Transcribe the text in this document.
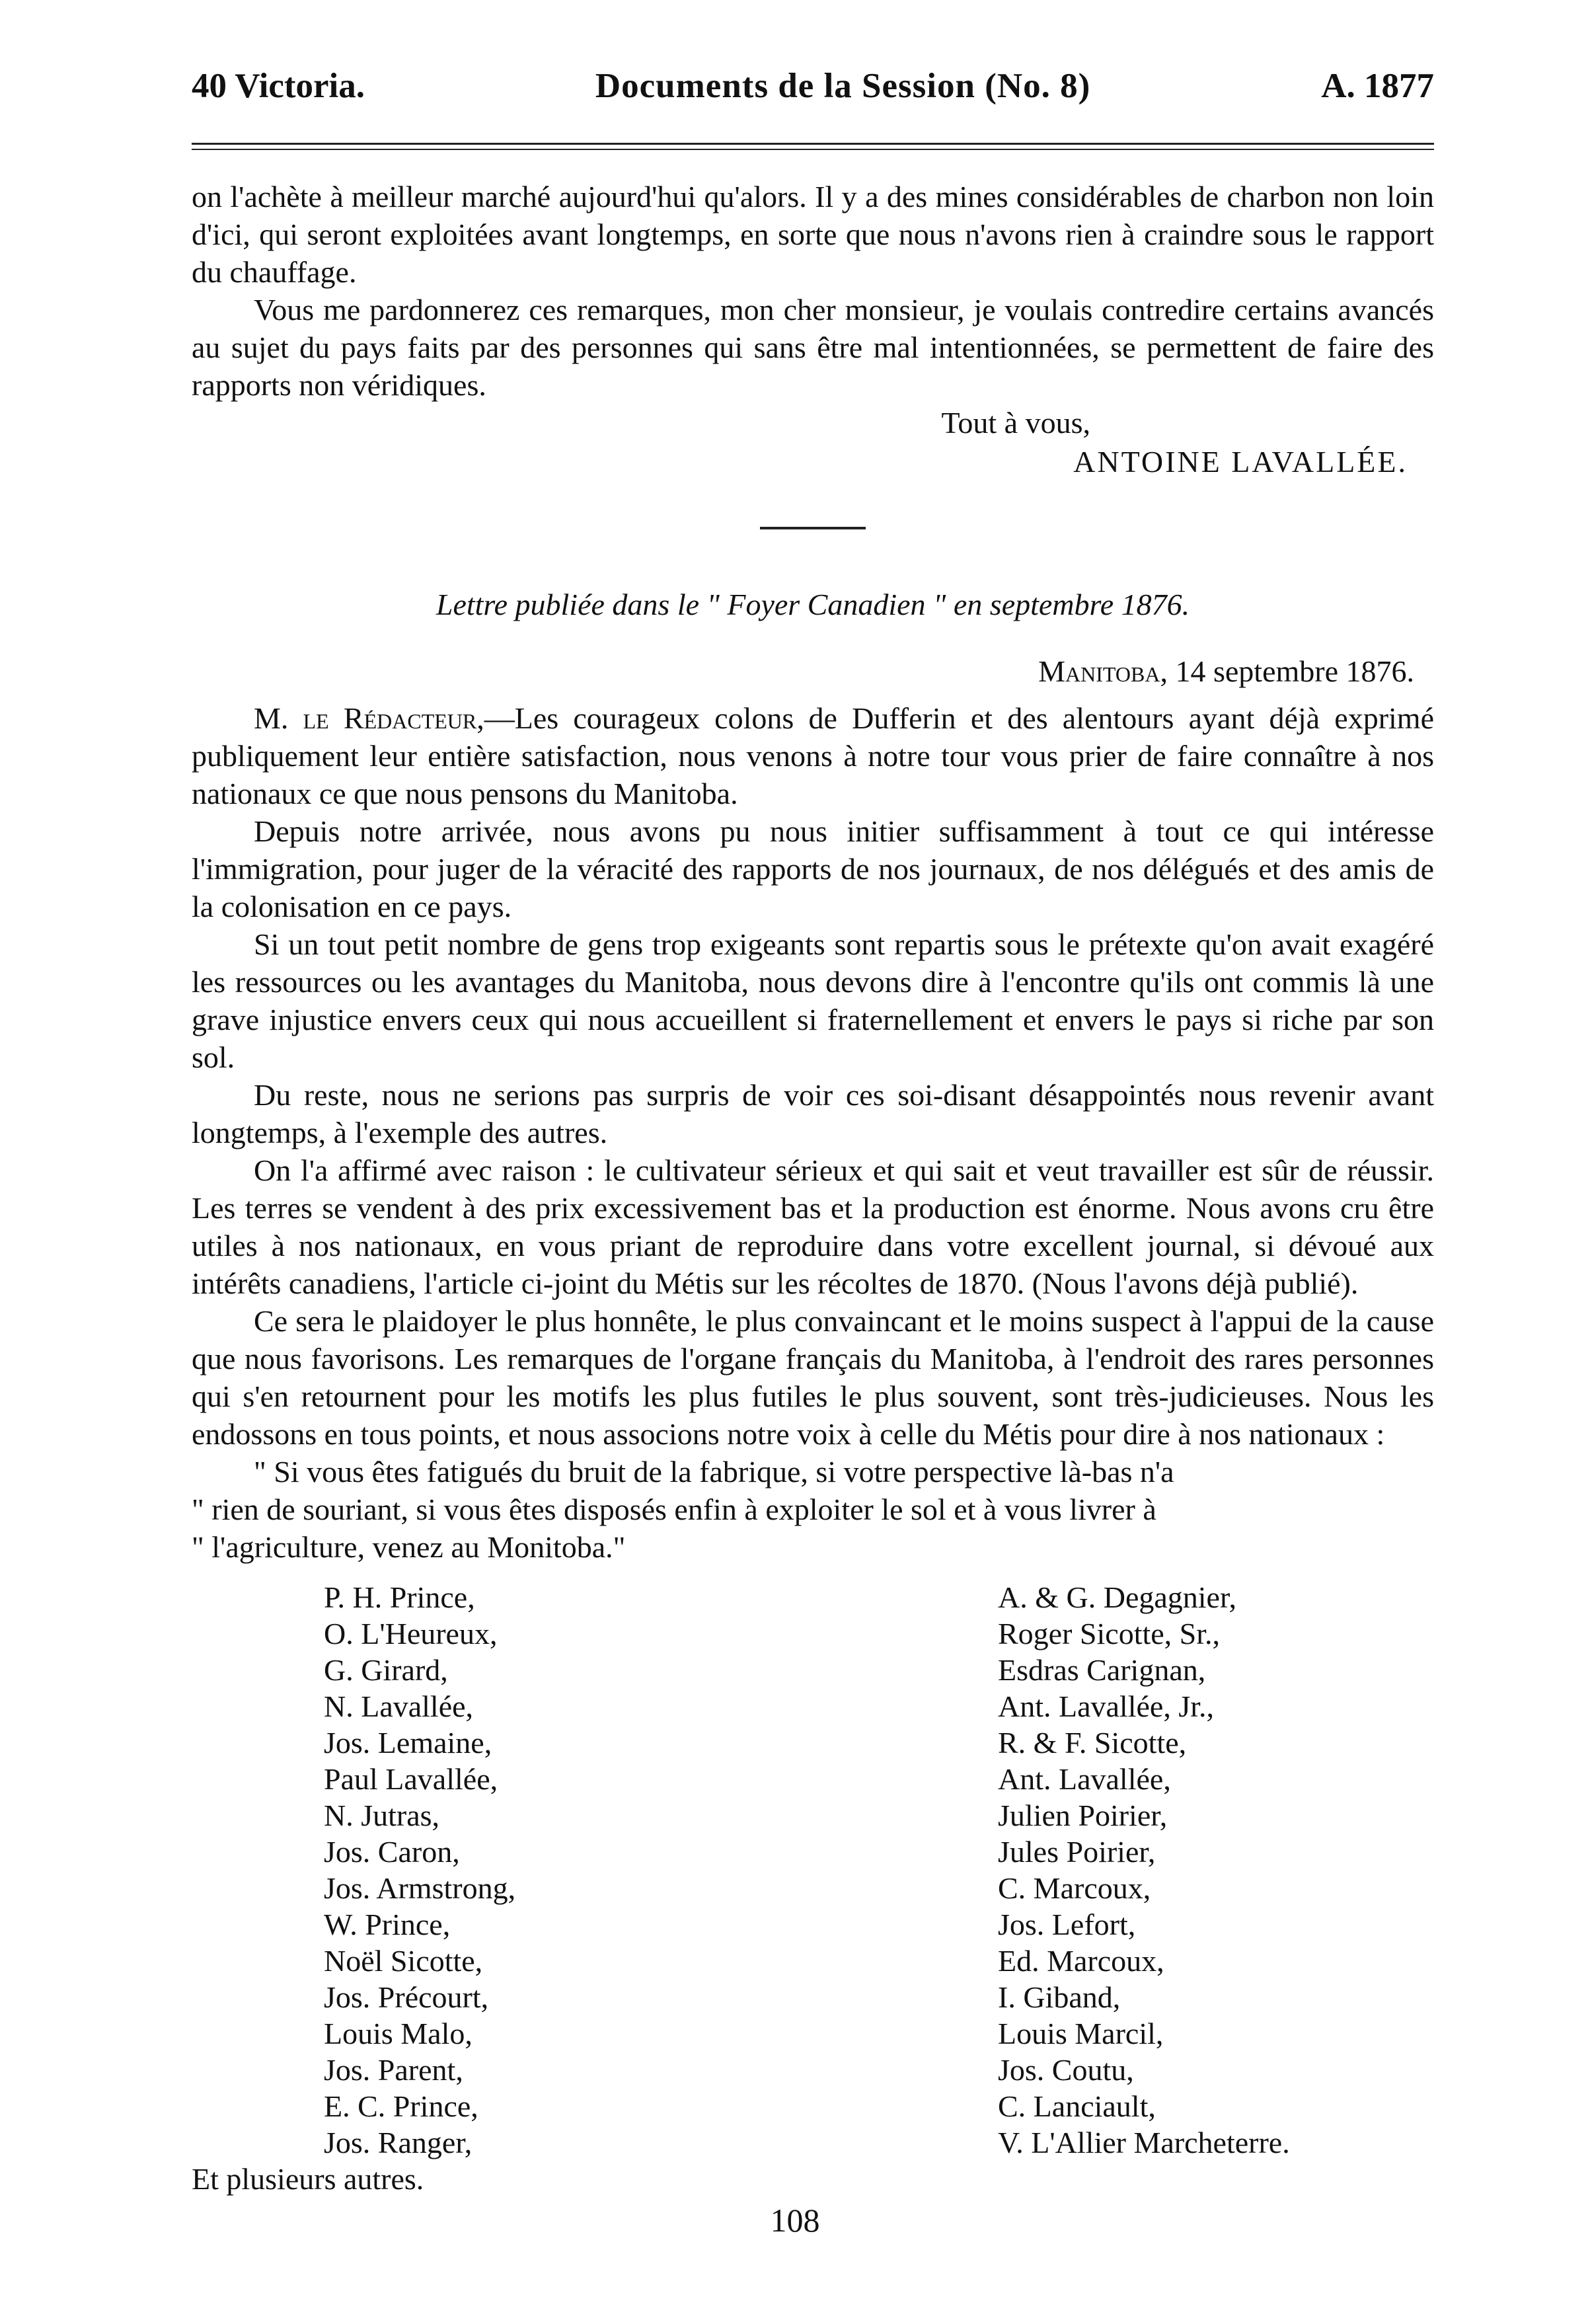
40 Victoria.	Documents de la Session (No. 8)	A. 1877

on l'achète à meilleur marché aujourd'hui qu'alors. Il y a des mines considérables de charbon non loin d'ici, qui seront exploitées avant longtemps, en sorte que nous n'avons rien à craindre sous le rapport du chauffage.

Vous me pardonnerez ces remarques, mon cher monsieur, je voulais contredire certains avancés au sujet du pays faits par des personnes qui sans être mal intentionnées, se permettent de faire des rapports non véridiques.

Tout à vous,
ANTOINE LAVALLÉE.
Lettre publiée dans le " Foyer Canadien " en septembre 1876.
Manitoba, 14 septembre 1876.

M. le Rédacteur,—Les courageux colons de Dufferin et des alentours ayant déjà exprimé publiquement leur entière satisfaction, nous venons à notre tour vous prier de faire connaître à nos nationaux ce que nous pensons du Manitoba.

Depuis notre arrivée, nous avons pu nous initier suffisamment à tout ce qui intéresse l'immigration, pour juger de la véracité des rapports de nos journaux, de nos délégués et des amis de la colonisation en ce pays.

Si un tout petit nombre de gens trop exigeants sont repartis sous le prétexte qu'on avait exagéré les ressources ou les avantages du Manitoba, nous devons dire à l'encontre qu'ils ont commis là une grave injustice envers ceux qui nous accueillent si fraternellement et envers le pays si riche par son sol.

Du reste, nous ne serions pas surpris de voir ces soi-disant désappointés nous revenir avant longtemps, à l'exemple des autres.

On l'a affirmé avec raison : le cultivateur sérieux et qui sait et veut travailler est sûr de réussir. Les terres se vendent à des prix excessivement bas et la production est énorme. Nous avons cru être utiles à nos nationaux, en vous priant de reproduire dans votre excellent journal, si dévoué aux intérêts canadiens, l'article ci-joint du Métis sur les récoltes de 1870. (Nous l'avons déjà publié).

Ce sera le plaidoyer le plus honnête, le plus convaincant et le moins suspect à l'appui de la cause que nous favorisons. Les remarques de l'organe français du Manitoba, à l'endroit des rares personnes qui s'en retournent pour les motifs les plus futiles le plus souvent, sont très-judicieuses. Nous les endossons en tous points, et nous associons notre voix à celle du Métis pour dire à nos nationaux :

" Si vous êtes fatigués du bruit de la fabrique, si votre perspective là-bas n'a

" rien de souriant, si vous êtes disposés enfin à exploiter le sol et à vous livrer à

" l'agriculture, venez au Monitoba."

P. H. Prince,
O. L'Heureux,
G. Girard,
N. Lavallée,
Jos. Lemaine,
Paul Lavallée,
N. Jutras,
Jos. Caron,
Jos. Armstrong,
W. Prince,
Noël Sicotte,
Jos. Précourt,
Louis Malo,
Jos. Parent,
E. C. Prince,
Jos. Ranger,
A. & G. Degagnier,
Roger Sicotte, Sr.,
Esdras Carignan,
Ant. Lavallée, Jr.,
R. & F. Sicotte,
Ant. Lavallée,
Julien Poirier,
Jules Poirier,
C. Marcoux,
Jos. Lefort,
Ed. Marcoux,
I. Giband,
Louis Marcil,
Jos. Coutu,
C. Lanciault,
V. L'Allier Marcheterre.
Et plusieurs autres.
108
